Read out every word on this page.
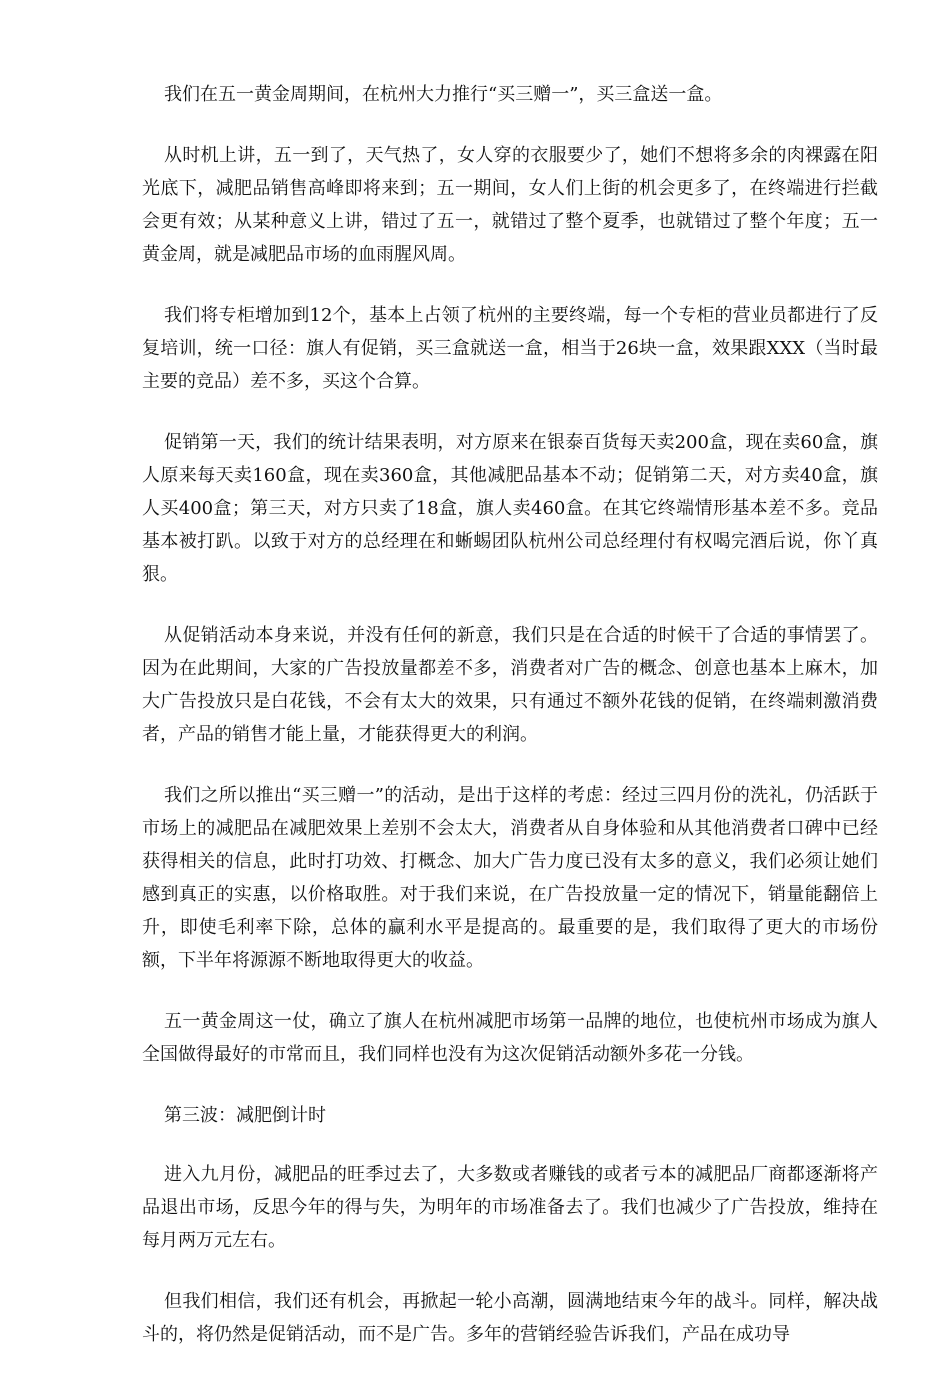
我们在五一黄金周期间，在杭州大力推行“买三赠一”，买三盒送一盒。

从时机上讲，五一到了，天气热了，女人穿的衣服要少了，她们不想将多余的肉裸露在阳光底下，减肥品销售高峰即将来到；五一期间，女人们上街的机会更多了，在终端进行拦截会更有效；从某种意义上讲，错过了五一，就错过了整个夏季，也就错过了整个年度；五一黄金周，就是减肥品市场的血雨腥风周。

我们将专柜增加到12个，基本上占领了杭州的主要终端，每一个专柜的营业员都进行了反复培训，统一口径：旗人有促销，买三盒就送一盒，相当于26块一盒，效果跟XXX（当时最主要的竞品）差不多，买这个合算。

促销第一天，我们的统计结果表明，对方原来在银泰百货每天卖200盒，现在卖60盒，旗人原来每天卖160盒，现在卖360盒，其他减肥品基本不动；促销第二天，对方卖40盒，旗人买400盒；第三天，对方只卖了18盒，旗人卖460盒。在其它终端情形基本差不多。竞品基本被打趴。以致于对方的总经理在和蜥蜴团队杭州公司总经理付有权喝完酒后说，你丫真狠。

从促销活动本身来说，并没有任何的新意，我们只是在合适的时候干了合适的事情罢了。因为在此期间，大家的广告投放量都差不多，消费者对广告的概念、创意也基本上麻木，加大广告投放只是白花钱，不会有太大的效果，只有通过不额外花钱的促销，在终端刺激消费者，产品的销售才能上量，才能获得更大的利润。

我们之所以推出“买三赠一”的活动，是出于这样的考虑：经过三四月份的洗礼，仍活跃于市场上的减肥品在减肥效果上差别不会太大，消费者从自身体验和从其他消费者口碑中已经获得相关的信息，此时打功效、打概念、加大广告力度已没有太多的意义，我们必须让她们感到真正的实惠，以价格取胜。对于我们来说，在广告投放量一定的情况下，销量能翻倍上升，即使毛利率下除，总体的赢利水平是提高的。最重要的是，我们取得了更大的市场份额，下半年将源源不断地取得更大的收益。

五一黄金周这一仗，确立了旗人在杭州减肥市场第一品牌的地位，也使杭州市场成为旗人全国做得最好的市常而且，我们同样也没有为这次促销活动额外多花一分钱。

第三波：减肥倒计时

进入九月份，减肥品的旺季过去了，大多数或者赚钱的或者亏本的减肥品厂商都逐渐将产品退出市场，反思今年的得与失，为明年的市场准备去了。我们也减少了广告投放，维持在每月两万元左右。

但我们相信，我们还有机会，再掀起一轮小高潮，圆满地结束今年的战斗。同样，解决战斗的，将仍然是促销活动，而不是广告。多年的营销经验告诉我们，产品在成功导
